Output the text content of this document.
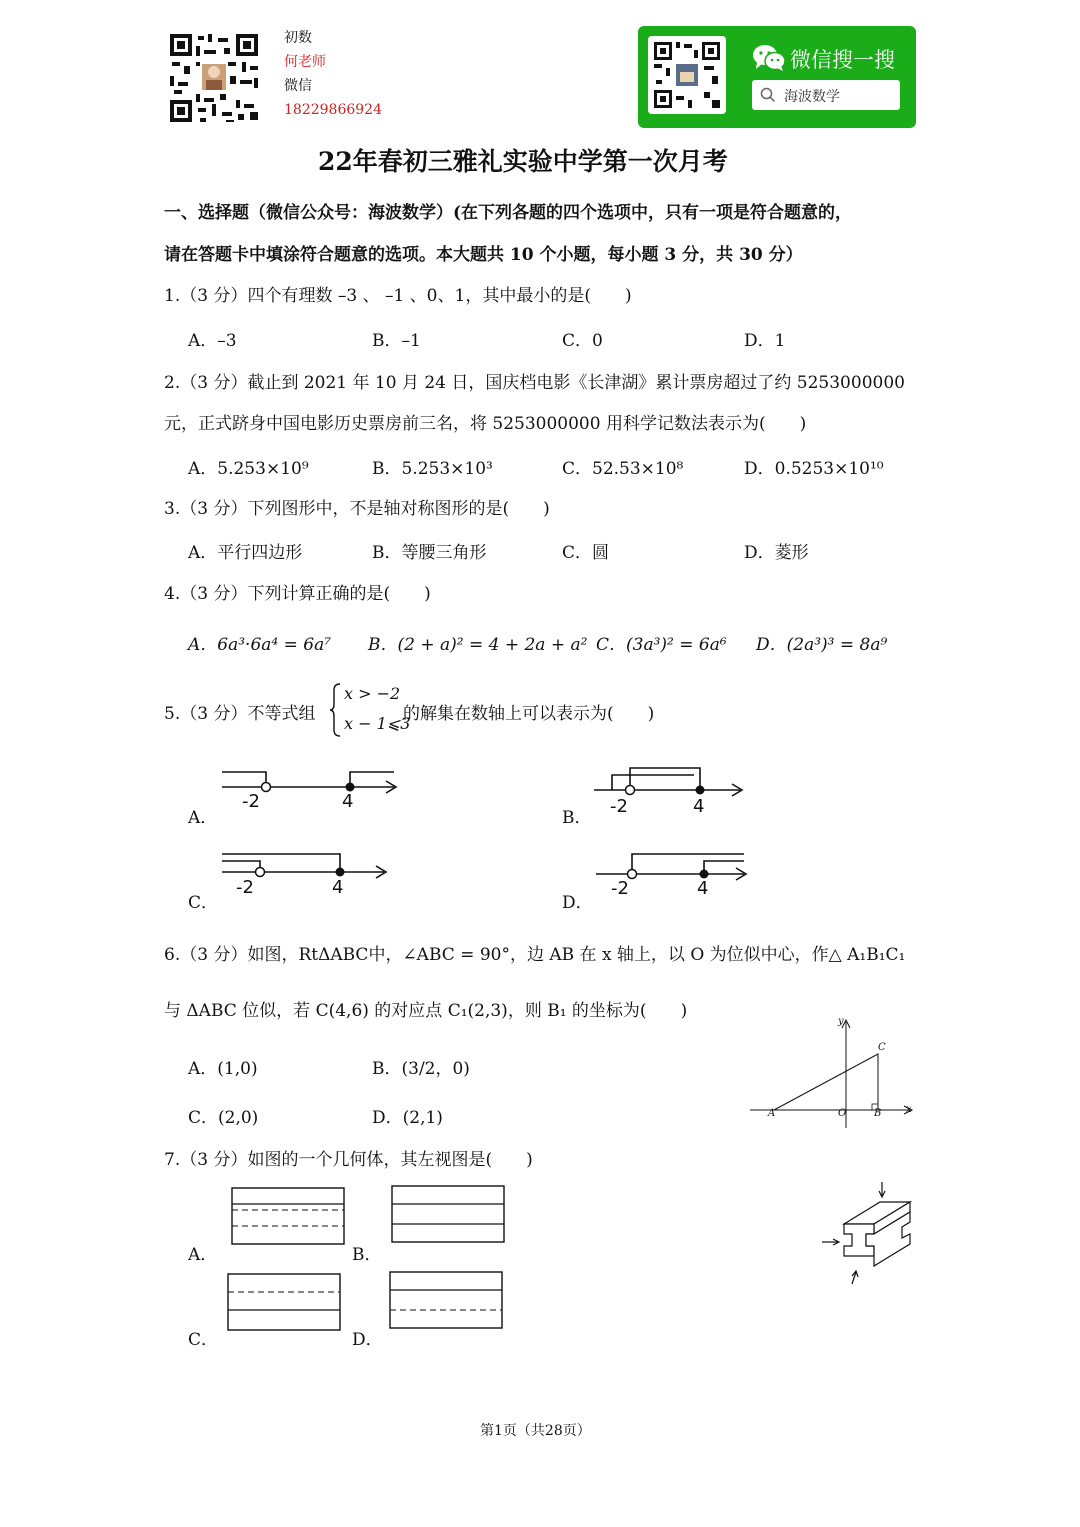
初数
何老师
微信
18229866924
微信搜一搜
海波数学
22年春初三雅礼实验中学第一次月考
一、选择题（微信公众号：海波数学）(在下列各题的四个选项中，只有一项是符合题意的，
请在答题卡中填涂符合题意的选项。本大题共 10 个小题，每小题 3 分，共 30 分）
1.（3 分）四个有理数 –3 、 –1 、0、1，其中最小的是(　　)
A．–3	B．–1	C．0	D．1
2.（3 分）截止到 2021 年 10 月 24 日，国庆档电影《长津湖》累计票房超过了约 5253000000
元，正式跻身中国电影历史票房前三名，将 5253000000 用科学记数法表示为(　　)
A．5.253×10⁹	B．5.253×10³	C．52.53×10⁸	D．0.5253×10¹⁰
3.（3 分）下列图形中，不是轴对称图形的是(　　)
A．平行四边形	B．等腰三角形	C．圆	D．菱形
4.（3 分）下列计算正确的是(　　)
A．6a³·6a⁴ = 6a⁷ B．(2 + a)² = 4 + 2a + a² C．(3a³)² = 6a⁶ D．(2a³)³ = 8a⁹
5.（3 分）不等式组
x > −2
x − 1⩽3
的解集在数轴上可以表示为(　　)
A．
-2	4
B．
-2	4
C．
-2	4
D．
-2	4
6.（3 分）如图，RtΔABC中，∠ABC = 90°，边 AB 在 x 轴上，以 O 为位似中心，作△ A₁B₁C₁
与 ΔABC 位似，若 C(4,6) 的对应点 C₁(2,3)，则 B₁ 的坐标为(　　)
A．(1,0)	B．(3/2，0)
C．(2,0)	D．(2,1)
y
x
A	O	B
C
7.（3 分）如图的一个几何体，其左视图是(　　)
A．	B．
C．	D．
第1页（共28页）
